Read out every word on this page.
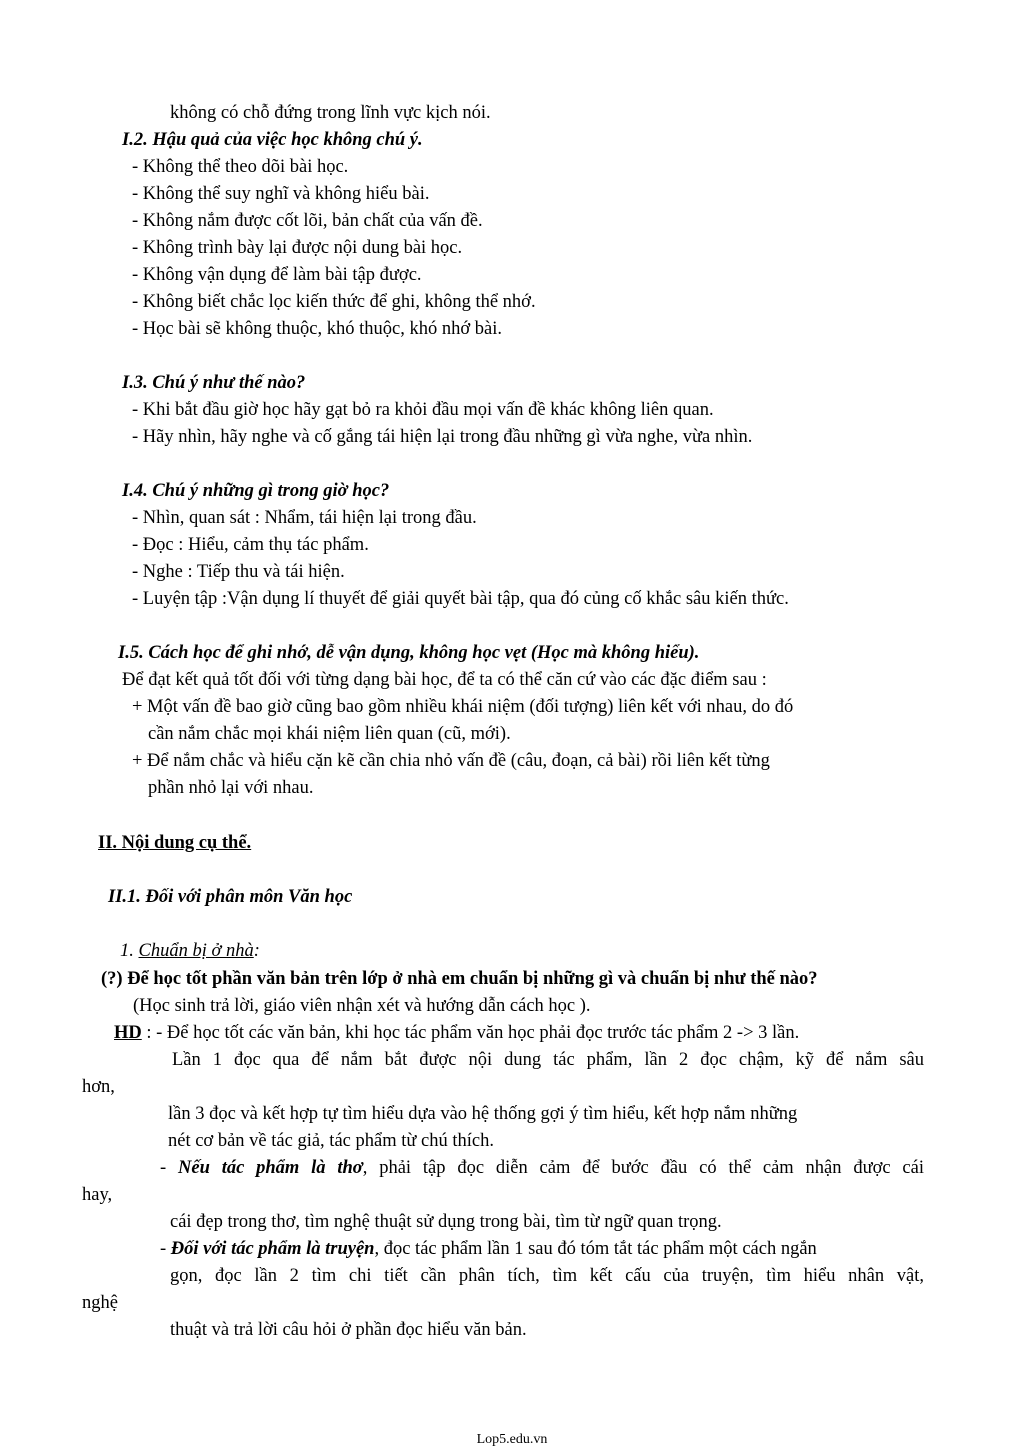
không có chỗ đứng trong lĩnh vực kịch nói.
I.2. Hậu quả của việc học không chú ý.
- Không thể theo dõi bài học.
- Không thể suy nghĩ và không hiểu bài.
- Không nắm được cốt lõi, bản chất của vấn đề.
- Không trình bày lại được nội dung bài học.
- Không vận dụng để làm bài tập được.
- Không biết chắc lọc kiến thức để ghi, không thể nhớ.
- Học bài sẽ không thuộc, khó thuộc, khó nhớ bài.
I.3. Chú ý như thế nào?
- Khi bắt đầu giờ học hãy gạt bỏ ra khỏi đầu mọi vấn đề khác không liên quan.
- Hãy nhìn, hãy nghe và cố gắng tái hiện lại trong đầu những gì vừa nghe, vừa nhìn.
I.4. Chú ý những gì trong giờ học?
- Nhìn, quan sát : Nhẩm, tái hiện lại trong đầu.
- Đọc : Hiểu, cảm thụ tác phẩm.
- Nghe : Tiếp thu và tái hiện.
- Luyện tập :Vận dụng lí thuyết để giải quyết bài tập, qua đó củng cố khắc sâu kiến thức.
I.5. Cách học để ghi nhớ, dễ vận dụng, không học vẹt (Học mà không hiểu).
Để đạt kết quả tốt đối với từng dạng bài học, để ta có thể căn cứ vào các đặc điểm sau :
+ Một vấn đề bao giờ cũng bao gồm nhiều khái niệm (đối tượng) liên kết với nhau, do đó
cần nắm chắc mọi khái niệm liên quan (cũ, mới).
+ Để nắm chắc và hiểu cặn kẽ cần chia nhỏ vấn đề (câu, đoạn, cả bài) rồi liên kết từng
phần nhỏ lại với nhau.
II. Nội dung cụ thể.
II.1. Đối với phân môn Văn học
1. Chuẩn bị ở nhà:
(?) Để học tốt phần văn bản trên lớp ở nhà em chuẩn bị những gì và chuẩn bị như thế nào?
(Học sinh trả lời, giáo viên nhận xét và hướng dẫn cách học ).
HD : - Để học tốt các văn bản, khi học tác phẩm văn học phải đọc trước tác phẩm 2 -> 3 lần.
Lần 1 đọc qua để nắm bắt được nội dung tác phẩm, lần 2 đọc chậm, kỹ để nắm sâu
hơn,
lần 3 đọc và kết hợp tự tìm hiểu dựa vào hệ thống gợi ý tìm hiểu, kết hợp nắm những
nét cơ bản về tác giả, tác phẩm từ chú thích.
- Nếu tác phẩm là thơ, phải tập đọc diễn cảm để bước đầu có thể cảm nhận được cái
hay,
cái đẹp trong thơ, tìm nghệ thuật sử dụng trong bài, tìm từ ngữ quan trọng.
- Đối với tác phẩm là truyện, đọc tác phẩm lần 1 sau đó tóm tắt tác phẩm một cách ngắn
gọn, đọc lần 2 tìm chi tiết cần phân tích, tìm kết cấu của truyện, tìm hiểu nhân vật,
nghệ
thuật và trả lời câu hỏi ở phần đọc hiểu văn bản.
Lop5.edu.vn
